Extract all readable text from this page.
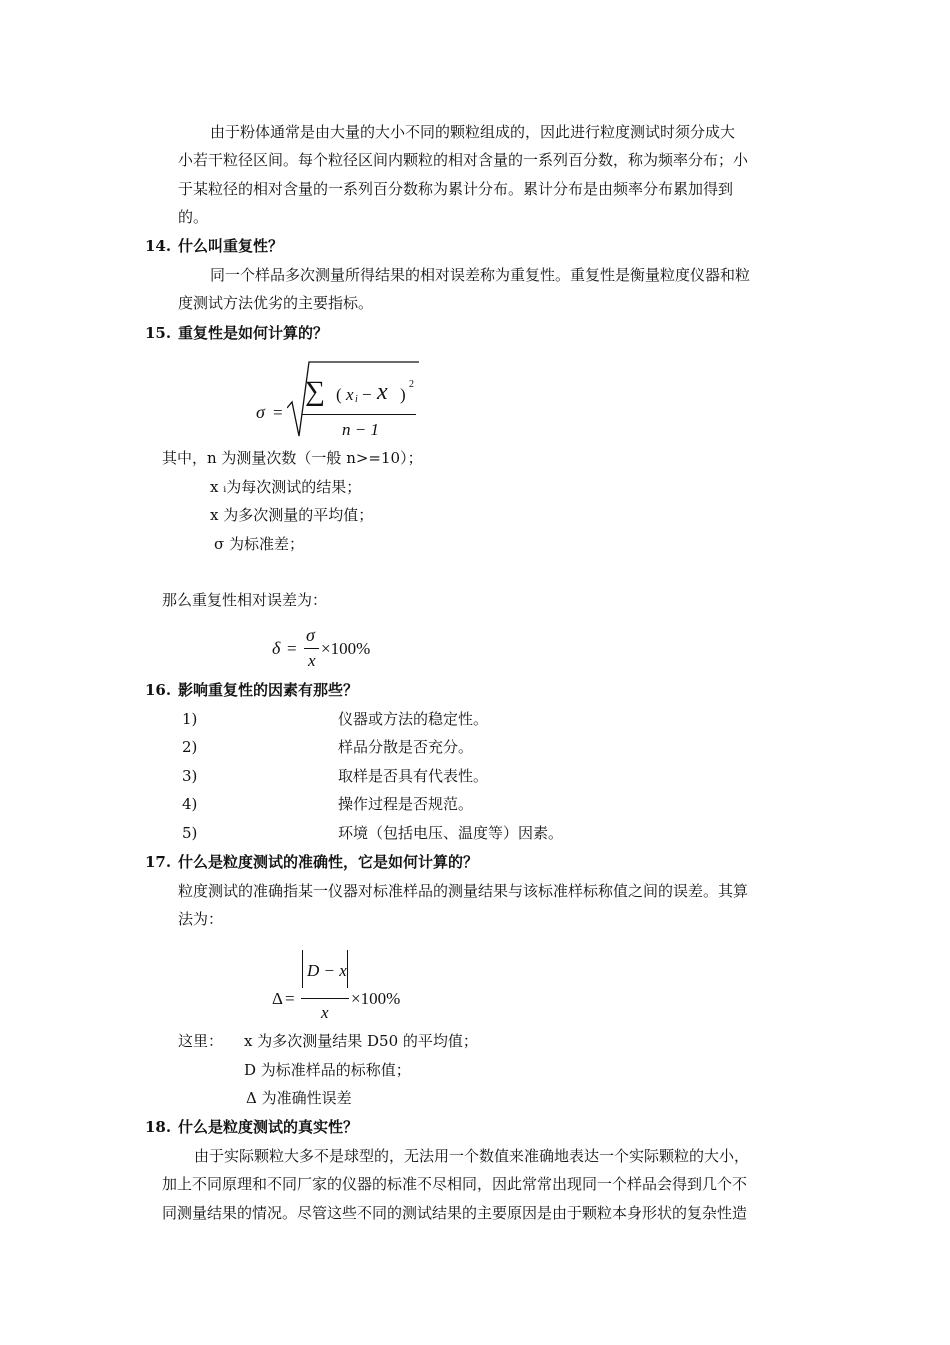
由于粉体通常是由大量的大小不同的颗粒组成的，因此进行粒度测试时须分成大
小若干粒径区间。每个粒径区间内颗粒的相对含量的一系列百分数，称为频率分布；小
于某粒径的相对含量的一系列百分数称为累计分布。累计分布是由频率分布累加得到
的。
14. 什么叫重复性？
同一个样品多次测量所得结果的相对误差称为重复性。重复性是衡量粒度仪器和粒
度测试方法优劣的主要指标。
15. 重复性是如何计算的？
σ =
∑ ( x i − x )
2
n − 1
其中，n 为测量次数（一般 n>=10）；
x ᵢ为每次测试的结果；
x 为多次测量的平均值；
σ 为标准差；
那么重复性相对误差为：
δ =
σ
x
×100%
16. 影响重复性的因素有那些？
1)	仪器或方法的稳定性。
2)	样品分散是否充分。
3)	取样是否具有代表性。
4)	操作过程是否规范。
5)	环境（包括电压、温度等）因素。
17. 什么是粒度测试的准确性，它是如何计算的？
粒度测试的准确指某一仪器对标准样品的测量结果与该标准样标称值之间的误差。其算
法为：
Δ =
D − x
x
×100%
这里： x 为多次测量结果 D50 的平均值；
D 为标准样品的标称值；
Δ 为准确性误差
18. 什么是粒度测试的真实性？
由于实际颗粒大多不是球型的，无法用一个数值来准确地表达一个实际颗粒的大小，
加上不同原理和不同厂家的仪器的标准不尽相同，因此常常出现同一个样品会得到几个不
同测量结果的情况。尽管这些不同的测试结果的主要原因是由于颗粒本身形状的复杂性造
